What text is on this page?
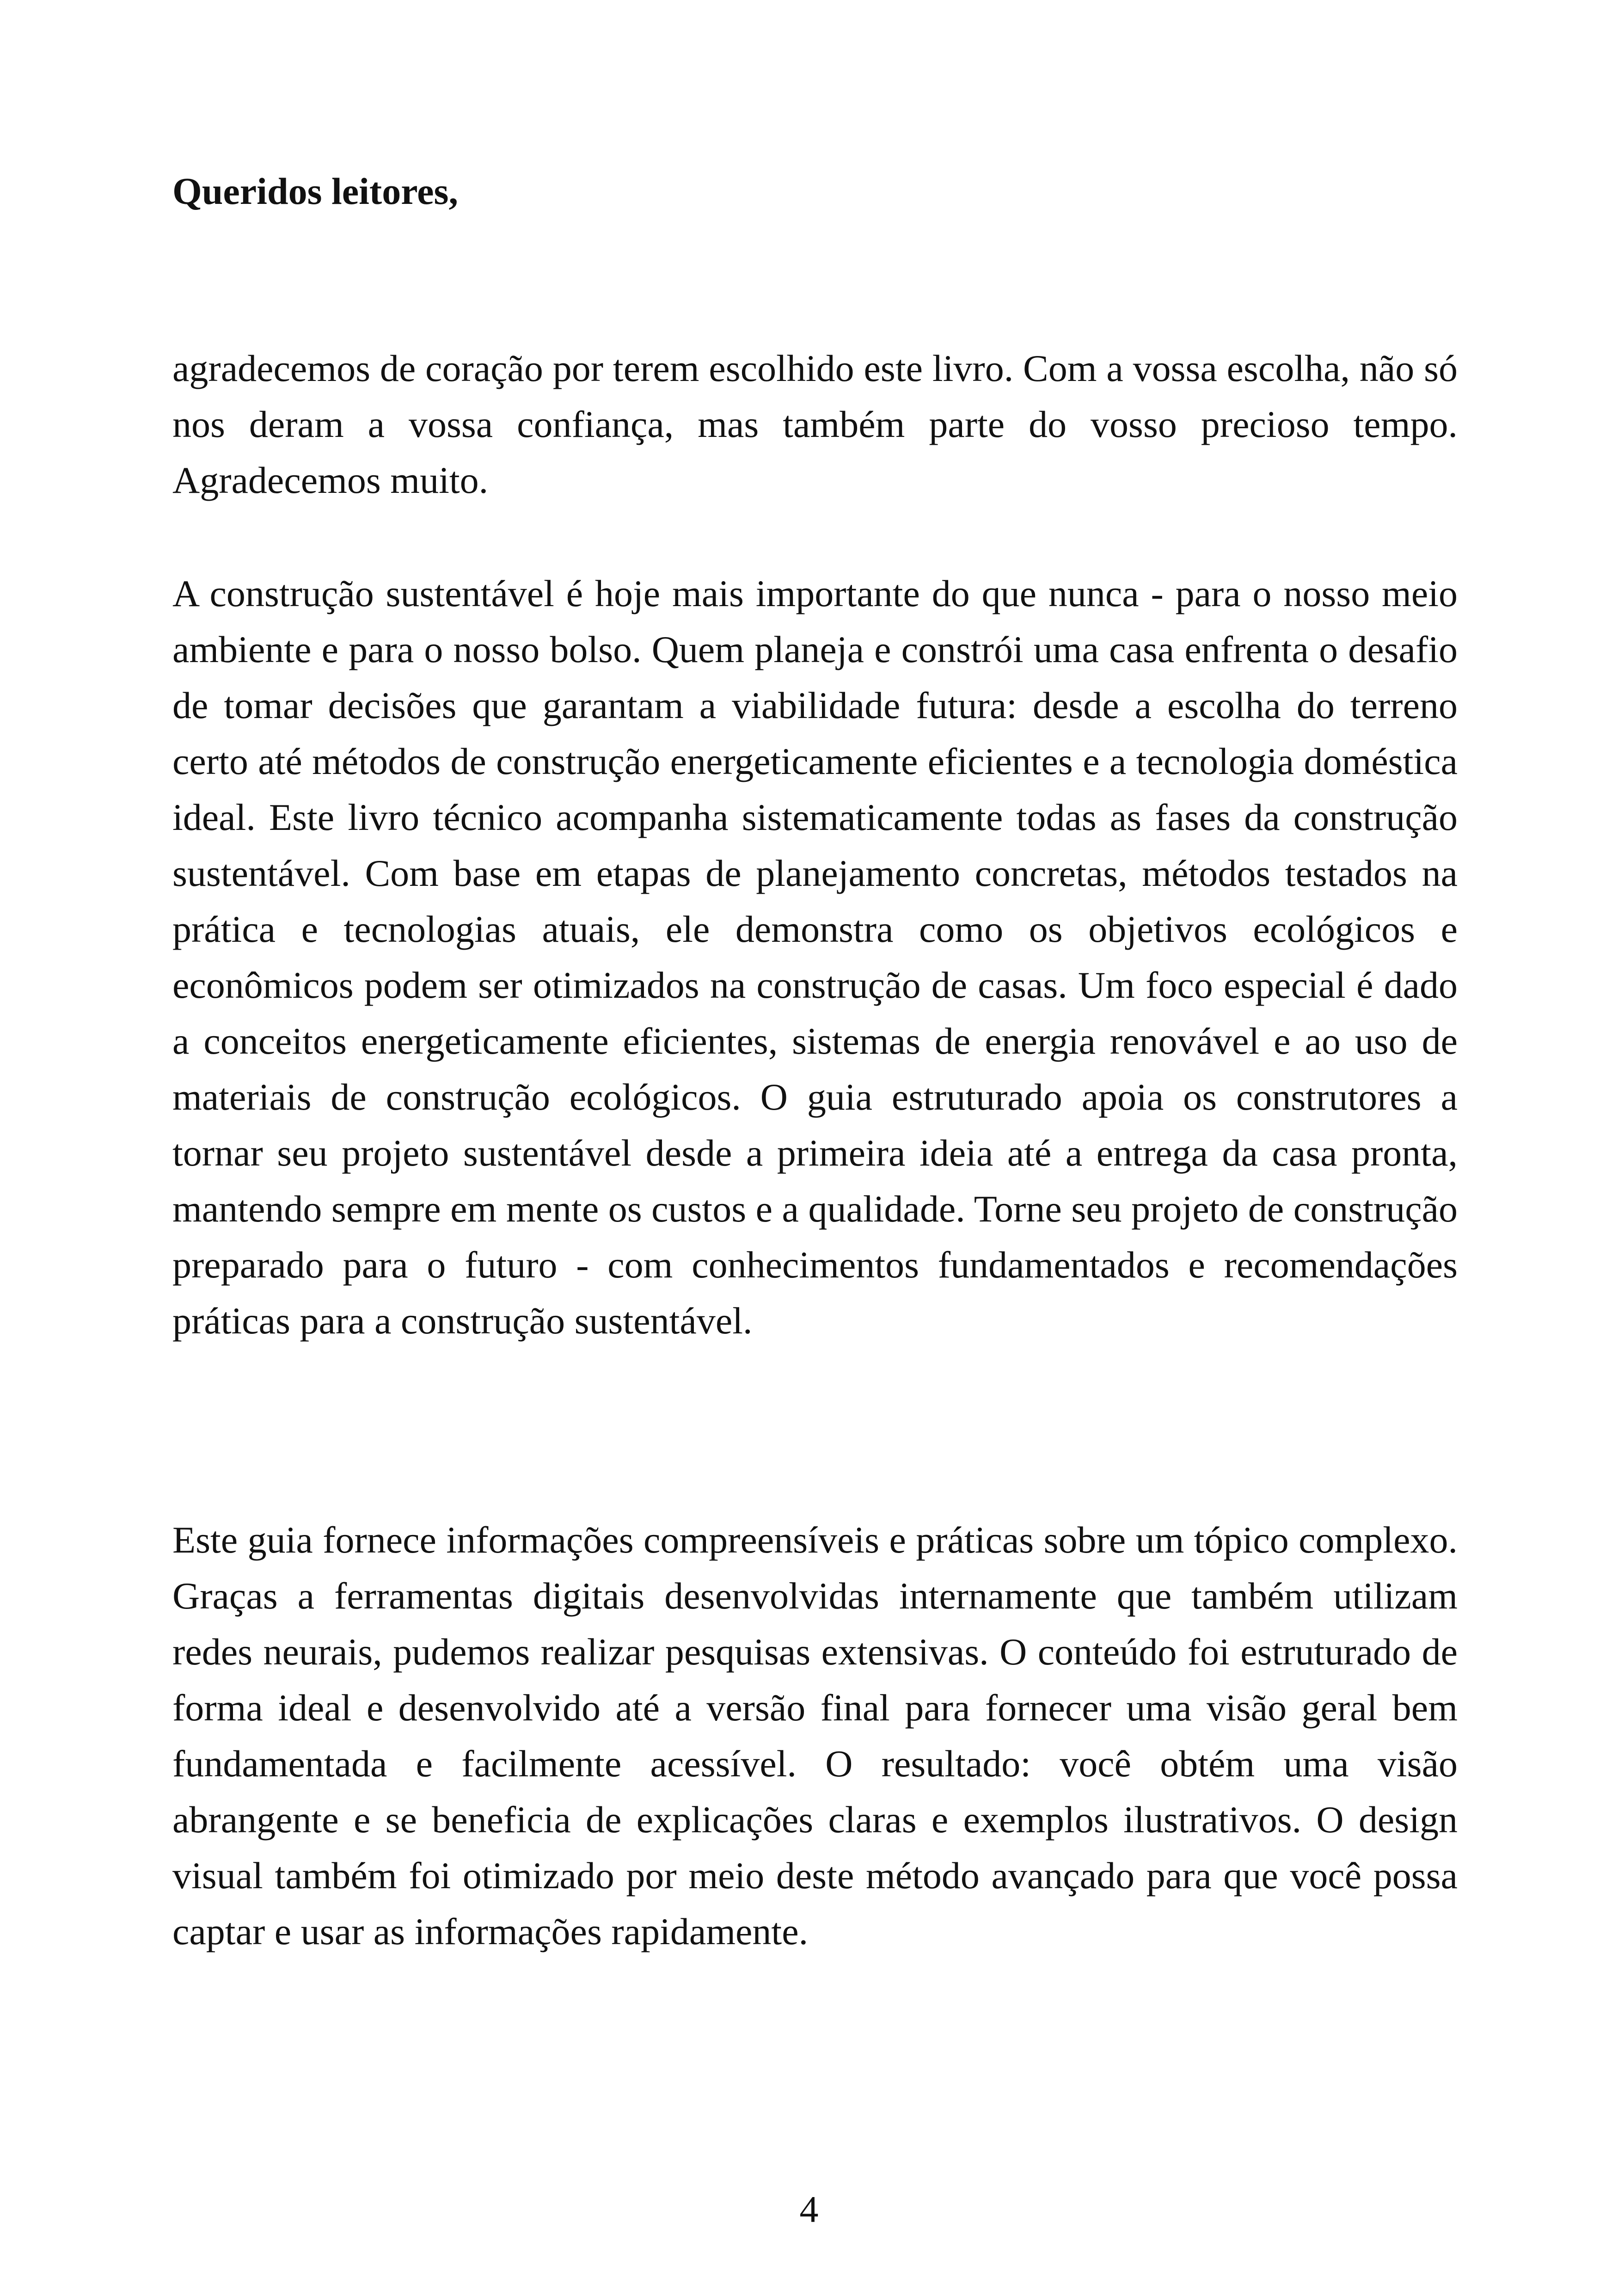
Queridos leitores,

agradecemos de coração por terem escolhido este livro. Com a vossa escolha, não só nos deram a vossa confiança, mas também parte do vosso precioso tempo. Agradecemos muito.

A construção sustentável é hoje mais importante do que nunca - para o nosso meio ambiente e para o nosso bolso. Quem planeja e constrói uma casa enfrenta o desafio de tomar decisões que garantam a viabilidade futura: desde a escolha do terreno certo até métodos de construção energeticamente eficientes e a tecnologia doméstica ideal. Este livro técnico acompanha sistematicamente todas as fases da construção sustentável. Com base em etapas de planejamento concretas, métodos testados na prática e tecnologias atuais, ele demonstra como os objetivos ecológicos e econômicos podem ser otimizados na construção de casas. Um foco especial é dado a conceitos energeticamente eficientes, sistemas de energia renovável e ao uso de materiais de construção ecológicos. O guia estruturado apoia os construtores a tornar seu projeto sustentável desde a primeira ideia até a entrega da casa pronta, mantendo sempre em mente os custos e a qualidade. Torne seu projeto de construção preparado para o futuro - com conhecimentos fundamentados e recomendações práticas para a construção sustentável.

Este guia fornece informações compreensíveis e práticas sobre um tópico complexo. Graças a ferramentas digitais desenvolvidas internamente que também utilizam redes neurais, pudemos realizar pesquisas extensivas. O conteúdo foi estruturado de forma ideal e desenvolvido até a versão final para fornecer uma visão geral bem fundamentada e facilmente acessível. O resultado: você obtém uma visão abrangente e se beneficia de explicações claras e exemplos ilustrativos. O design visual também foi otimizado por meio deste método avançado para que você possa captar e usar as informações rapidamente.

4
